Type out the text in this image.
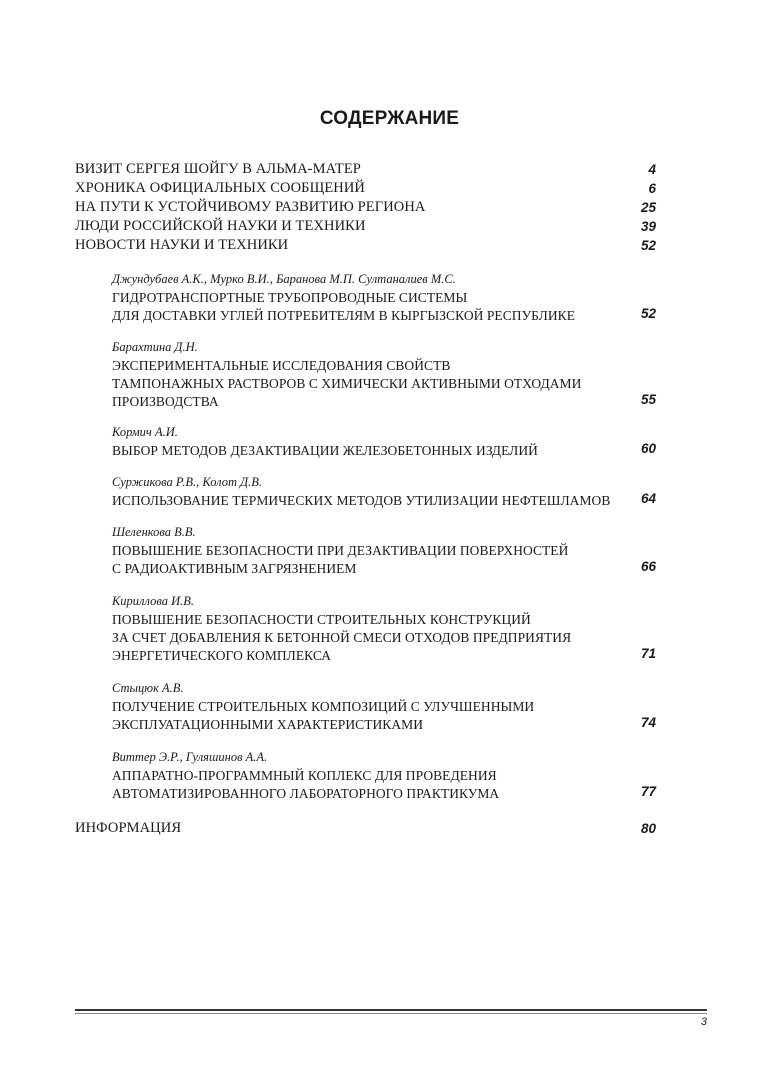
СОДЕРЖАНИЕ
ВИЗИТ СЕРГЕЯ ШОЙГУ В АЛЬМА-МАТЕР	4
ХРОНИКА ОФИЦИАЛЬНЫХ СООБЩЕНИЙ	6
НА ПУТИ К УСТОЙЧИВОМУ РАЗВИТИЮ РЕГИОНА	25
ЛЮДИ РОССИЙСКОЙ НАУКИ И ТЕХНИКИ	39
НОВОСТИ НАУКИ И ТЕХНИКИ	52
Джундубаев А.К., Мурко В.И., Баранова М.П. Султаналиев М.С.
ГИДРОТРАНСПОРТНЫЕ ТРУБОПРОВОДНЫЕ СИСТЕМЫ
ДЛЯ ДОСТАВКИ УГЛЕЙ ПОТРЕБИТЕЛЯМ В КЫРГЫЗСКОЙ РЕСПУБЛИКЕ	52
Барахтина Д.Н.
ЭКСПЕРИМЕНТАЛЬНЫЕ ИССЛЕДОВАНИЯ СВОЙСТВ
ТАМПОНАЖНЫХ РАСТВОРОВ С ХИМИЧЕСКИ АКТИВНЫМИ ОТХОДАМИ
ПРОИЗВОДСТВА	55
Кормич А.И.
ВЫБОР МЕТОДОВ ДЕЗАКТИВАЦИИ ЖЕЛЕЗОБЕТОННЫХ ИЗДЕЛИЙ	60
Суржикова Р.В., Колот Д.В.
ИСПОЛЬЗОВАНИЕ ТЕРМИЧЕСКИХ МЕТОДОВ УТИЛИЗАЦИИ НЕФТЕШЛАМОВ	64
Шеленкова В.В.
ПОВЫШЕНИЕ БЕЗОПАСНОСТИ ПРИ ДЕЗАКТИВАЦИИ ПОВЕРХНОСТЕЙ
С РАДИОАКТИВНЫМ ЗАГРЯЗНЕНИЕМ	66
Кириллова И.В.
ПОВЫШЕНИЕ БЕЗОПАСНОСТИ СТРОИТЕЛЬНЫХ КОНСТРУКЦИЙ
ЗА СЧЕТ ДОБАВЛЕНИЯ К БЕТОННОЙ СМЕСИ ОТХОДОВ ПРЕДПРИЯТИЯ
ЭНЕРГЕТИЧЕСКОГО КОМПЛЕКСА	71
Стыцюк А.В.
ПОЛУЧЕНИЕ СТРОИТЕЛЬНЫХ КОМПОЗИЦИЙ С УЛУЧШЕННЫМИ
ЭКСПЛУАТАЦИОННЫМИ ХАРАКТЕРИСТИКАМИ	74
Виттер Э.Р., Гуляшинов А.А.
АППАРАТНО-ПРОГРАММНЫЙ КОПЛЕКС ДЛЯ ПРОВЕДЕНИЯ
АВТОМАТИЗИРОВАННОГО ЛАБОРАТОРНОГО ПРАКТИКУМА	77
ИНФОРМАЦИЯ	80
3
